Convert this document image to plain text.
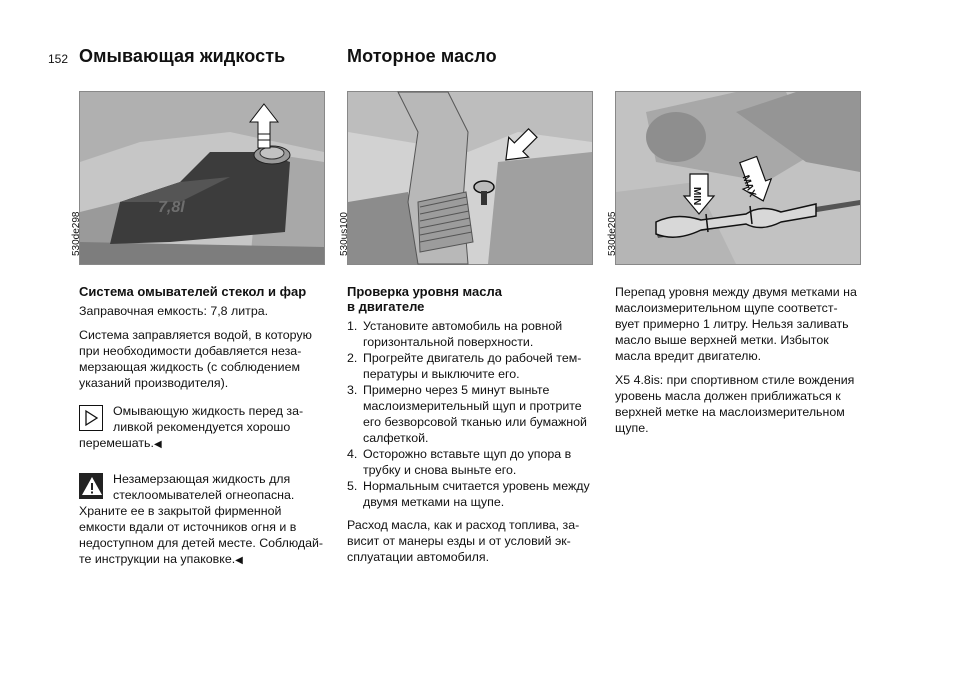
152 Омывающая жидкость	Моторное масло
7,8l
530de298	530us100
MIN	MAX
530de205
Система омывателей стекол и фар

Заправочная емкость: 7,8 литра.

Система заправляется водой, в которую
при необходимости добавляется неза-
мерзающая жидкость (с соблюдением
указаний производителя).

Омывающую жидкость перед за-
ливкой рекомендуется хорошо
перемешать.◀
Незамерзающая жидкость для
стеклоомывателей огнеопасна.
Храните ее в закрытой фирменной
емкости вдали от источников огня и в
недоступном для детей месте. Соблюдай-
те инструкции на упаковке.◀
Проверка уровня масла
в двигателе
1. Установите автомобиль на ровной
горизонтальной поверхности.
2. Прогрейте двигатель до рабочей тем-
пературы и выключите его.
3. Примерно через 5 минут выньте
маслоизмерительный щуп и протрите
его безворсовой тканью или бумажной
салфеткой.
4. Осторожно вставьте щуп до упора в
трубку и снова выньте его.
5. Нормальным считается уровень между
двумя метками на щупе.

Расход масла, как и расход топлива, за-
висит от манеры езды и от условий эк-
сплуатации автомобиля.

Перепад уровня между двумя метками на
маслоизмерительном щупе соответст-
вует примерно 1 литру. Нельзя заливать
масло выше верхней метки. Избыток
масла вредит двигателю.

X5 4.8is: при спортивном стиле вождения
уровень масла должен приближаться к
верхней метке на маслоизмерительном
щупе.
